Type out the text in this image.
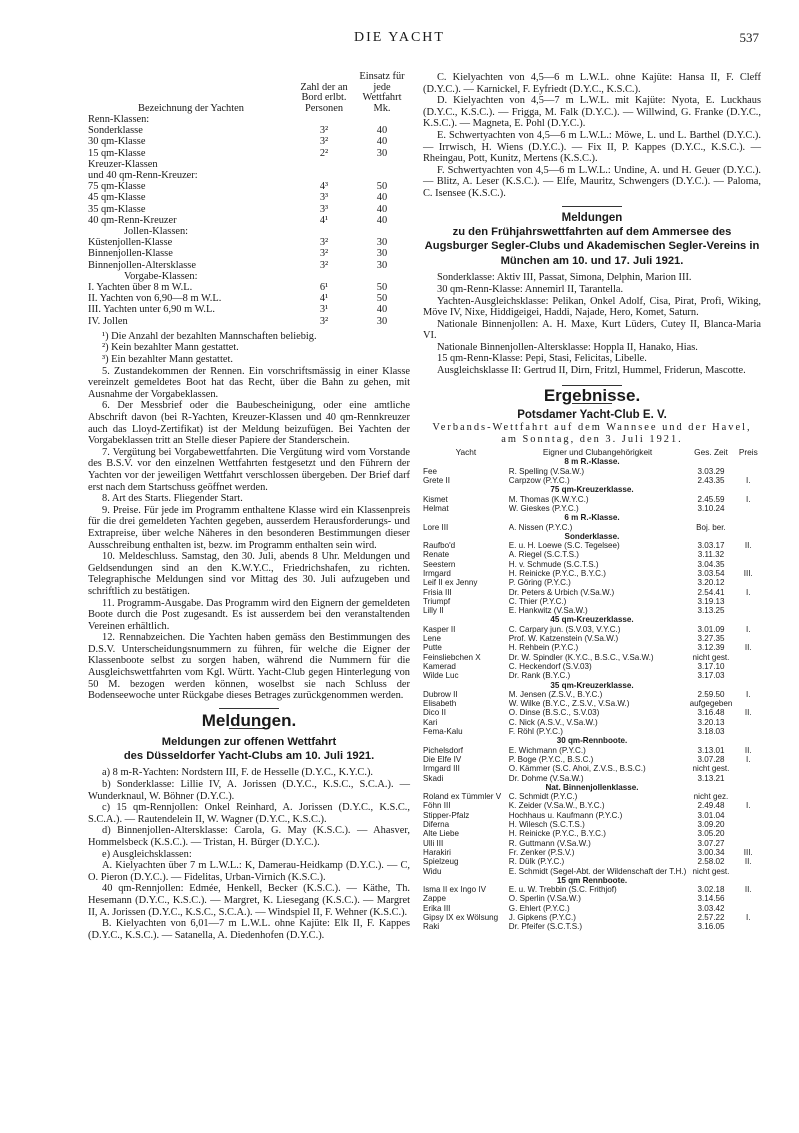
DIE YACHT	537
Bezeichnung der Yachten	Zahl der an Bord erlbt. Personen	Einsatz für jede Wettfahrt Mk.
Renn-Klassen:		
Sonderklasse	3²	40
30 qm-Klasse	3²	40
15 qm-Klasse	2²	30
Kreuzer-Klassen		
und 40 qm-Renn-Kreuzer:		
75 qm-Klasse	4³	50
45 qm-Klasse	3³	40
35 qm-Klasse	3³	40
40 qm-Renn-Kreuzer	4¹	40
Jollen-Klassen:		
Küstenjollen-Klasse	3²	30
Binnenjollen-Klasse	3²	30
Binnenjollen-Altersklasse	3²	30
Vorgabe-Klassen:		
I. Yachten über 8 m W.L.	6¹	50
II. Yachten von 6,90—8 m W.L.	4¹	50
III. Yachten unter 6,90 m W.L.	3¹	40
IV. Jollen	3²	30

¹) Die Anzahl der bezahlten Mannschaften beliebig.

²) Kein bezahlter Mann gestattet.

³) Ein bezahlter Mann gestattet.

5. Zustandekommen der Rennen. Ein vorschriftsmässig in einer Klasse vereinzelt gemeldetes Boot hat das Recht, über die Bahn zu gehen, mit Ausnahme der Vorgabeklassen.

6. Der Messbrief oder die Baubescheinigung, oder eine amtliche Abschrift davon (bei R-Yachten, Kreuzer-Klassen und 40 qm-Rennkreuzer auch das Lloyd-Zertifikat) ist der Meldung beizufügen. Bei Yachten der Vorgabeklassen tritt an Stelle dieser Papiere der Standerschein.

7. Vergütung bei Vorgabewettfahrten. Die Vergütung wird vom Vorstande des B.S.V. vor den einzelnen Wettfahrten festgesetzt und den Führern der Yachten vor der jeweiligen Wettfahrt verschlossen übergeben. Der Brief darf erst nach dem Startschuss geöffnet werden.

8. Art des Starts. Fliegender Start.

9. Preise. Für jede im Programm enthaltene Klasse wird ein Klassenpreis für die drei gemeldeten Yachten gegeben, ausserdem Herausforderungs- und Extrapreise, über welche Näheres in den besonderen Bestimmungen dieser Ausschreibung enthalten ist, bezw. im Programm enthalten sein wird.

10. Meldeschluss. Samstag, den 30. Juli, abends 8 Uhr. Meldungen und Geldsendungen sind an den K.W.Y.C., Friedrichshafen, zu richten. Telegraphische Meldungen sind vor Mittag des 30. Juli aufzugeben und schriftlich zu bestätigen.

11. Programm-Ausgabe. Das Programm wird den Eignern der gemeldeten Boote durch die Post zugesandt. Es ist ausserdem bei den veranstaltenden Vereinen erhältlich.

12. Rennabzeichen. Die Yachten haben gemäss den Bestimmungen des D.S.V. Unterscheidungsnummern zu führen, für welche die Eigner der Klassenboote selbst zu sorgen haben, während die Nummern für die Ausgleichswettfahrten vom Kgl. Württ. Yacht-Club gegen Hinterlegung von 50 M. bezogen werden können, woselbst sie nach Schluss der Bodenseewoche unter Rückgabe dieses Betrages zurückgenommen werden.

Meldungen.
Meldungen zur offenen Wettfahrt
des Düsseldorfer Yacht-Clubs am 10. Juli 1921.

a) 8 m-R-Yachten: Nordstern III, F. de Hesselle (D.Y.C., K.Y.C.).

b) Sonderklasse: Lillie IV, A. Jorissen (D.Y.C., K.S.C., S.C.A.). — Wunderknaul, W. Böhner (D.Y.C.).

c) 15 qm-Rennjollen: Onkel Reinhard, A. Jorissen (D.Y.C., K.S.C., S.C.A.). — Rautendelein II, W. Wagner (D.Y.C., K.S.C.).

d) Binnenjollen-Altersklasse: Carola, G. May (K.S.C.). — Ahasver, Hommelsbeck (K.S.C.). — Tristan, H. Bürger (D.Y.C.).

e) Ausgleichsklassen:

A. Kielyachten über 7 m L.W.L.: K, Damerau-Heidkamp (D.Y.C.). — C, O. Pieron (D.Y.C.). — Fidelitas, Urban-Virnich (K.S.C.).

40 qm-Rennjollen: Edmée, Henkell, Becker (K.S.C.). — Käthe, Th. Hesemann (D.Y.C., K.S.C.). — Margret, K. Liesegang (K.S.C.). — Margret II, A. Jorissen (D.Y.C., K.S.C., S.C.A.). — Windspiel II, F. Wehner (K.S.C.).

B. Kielyachten von 6,01—7 m L.W.L. ohne Kajüte: Elk II, F. Kappes (D.Y.C., K.S.C.). — Satanella, A. Diedenhofen (D.Y.C.).

C. Kielyachten von 4,5—6 m L.W.L. ohne Kajüte: Hansa II, F. Cleff (D.Y.C.). — Karnickel, F. Eyfriedt (D.Y.C., K.S.C.).

D. Kielyachten von 4,5—7 m L.W.L. mit Kajüte: Nyota, E. Luckhaus (D.Y.C., K.S.C.). — Frigga, M. Falk (D.Y.C.). — Willwind, G. Franke (D.Y.C., K.S.C.). — Magneta, E. Pohl (D.Y.C.).

E. Schwertyachten von 4,5—6 m L.W.L.: Möwe, L. und L. Barthel (D.Y.C.). — Irrwisch, H. Wiens (D.Y.C.). — Fix II, P. Kappes (D.Y.C., K.S.C.). — Rheingau, Pott, Kunitz, Mertens (K.S.C.).

F. Schwertyachten von 4,5—6 m L.W.L.: Undine, A. und H. Geuer (D.Y.C.). — Blitz, A. Leser (K.S.C.). — Elfe, Mauritz, Schwengers (D.Y.C.). — Paloma, C. Isensee (K.S.C.).

Meldungen
zu den Frühjahrswettfahrten auf dem Ammersee des Augsburger Segler-Clubs und Akademischen Segler-Vereins in München am 10. und 17. Juli 1921.

Sonderklasse: Aktiv III, Passat, Simona, Delphin, Marion III.

30 qm-Renn-Klasse: Annemirl II, Tarantella.

Yachten-Ausgleichsklasse: Pelikan, Onkel Adolf, Cisa, Pirat, Profi, Wiking, Möve IV, Nixe, Hiddigeigei, Haddi, Najade, Hero, Komet, Saturn.

Nationale Binnenjollen: A. H. Maxe, Kurt Lüders, Cutey II, Blanca-Maria VI.

Nationale Binnenjollen-Altersklasse: Hoppla II, Hanako, Hias.

15 qm-Renn-Klasse: Pepi, Stasi, Felicitas, Libelle.

Ausgleichsklasse II: Gertrud II, Dirn, Fritzl, Hummel, Friderun, Mascotte.

Ergebnisse.
Potsdamer Yacht-Club E. V.

Verbands-Wettfahrt auf dem Wannsee und der Havel, am Sonntag, den 3. Juli 1921.

Yacht	Eigner und Clubangehörigkeit	Ges. Zeit	Preis
8 m R.-Klasse.			
Fee	R. Spelling (V.Sa.W.)	3.03.29	
Grete II	Carpzow (P.Y.C.)	2.43.35	I.
75 qm-Kreuzerklasse.			
Kismet	M. Thomas (K.W.Y.C.)	2.45.59	I.
Helmat	W. Gieskes (P.Y.C.)	3.10.24	
6 m R.-Klasse.			
Lore III	A. Nissen (P.Y.C.)	Boj. ber.	
Sonderklasse.			
Raufbo'd	E. u. H. Loewe (S.C. Tegelsee)	3.03.17	II.
Renate	A. Riegel (S.C.T.S.)	3.11.32	
Seestern	H. v. Schmude (S.C.T.S.)	3.04.35	
Irmgard	H. Reinicke (P.Y.C., B.Y.C.)	3.03.54	III.
Leif II ex Jenny	P. Göring (P.Y.C.)	3.20.12	
Frisia III	Dr. Peters & Urbich (V.Sa.W.)	2.54.41	I.
Triumpf	C. Thier (P.Y.C.)	3.19.13	
Lilly II	E. Hankwitz (V.Sa.W.)	3.13.25	
45 qm-Kreuzerklasse.			
Kasper II	C. Carpary jun. (S.V.03, V.Y.C.)	3.01.09	I.
Lene	Prof. W. Katzenstein (V.Sa.W.)	3.27.35	
Putte	H. Rehbein (P.Y.C.)	3.12.39	II.
Feinsliebchen X	Dr. W. Spindler (K.Y.C., B.S.C., V.Sa.W.)	nicht gest.	
Kamerad	C. Heckendorf (S.V.03)	3.17.10	
Wilde Luc	Dr. Rank (B.Y.C.)	3.17.03	
35 qm-Kreuzerklasse.			
Dubrow II	M. Jensen (Z.S.V., B.Y.C.)	2.59.50	I.
Elisabeth	W. Wilke (B.Y.C., Z.S.V., V.Sa.W.)	aufgegeben	
Dico II	O. Dinse (B.S.C., S.V.03)	3.16.48	II.
Kari	C. Nick (A.S.V., V.Sa.W.)	3.20.13	
Fema-Kalu	F. Röhl (P.Y.C.)	3.18.03	
30 qm-Rennboote.			
Pichelsdorf	E. Wichmann (P.Y.C.)	3.13.01	II.
Die Elfe IV	P. Boge (P.Y.C., B.S.C.)	3.07.28	I.
Irmgard III	O. Kämmer (S.C. Ahoi, Z.V.S., B.S.C.)	nicht gest.	
Skadi	Dr. Dohme (V.Sa.W.)	3.13.21	
Nat. Binnenjollenklasse.			
Roland ex Tümmler V	C. Schmidt (P.Y.C.)	nicht gez.	
Föhn III	K. Zeider (V.Sa.W., B.Y.C.)	2.49.48	I.
Stipper-Pfalz	Hochhaus u. Kaufmann (P.Y.C.)	3.01.04	
Diferna	H. Wilesch (S.C.T.S.)	3.09.20	
Alte Liebe	H. Reinicke (P.Y.C., B.Y.C.)	3.05.20	
Ulli III	R. Guttmann (V.Sa.W.)	3.07.27	
Harakiri	Fr. Zenker (P.S.V.)	3.00.34	III.
Spielzeug	R. Dülk (P.Y.C.)	2.58.02	II.
Widu	E. Schmidt (Segel-Abt. der Wildenschaft der T.H.)	nicht gest.	
15 qm Rennboote.			
Isma II ex Ingo IV	E. u. W. Trebbin (S.C. Frithjof)	3.02.18	II.
Zappe	O. Sperlin (V.Sa.W.)	3.14.56	
Erika III	G. Ehlert (P.Y.C.)	3.03.42	
Gipsy IX ex Wölsung	J. Gipkens (P.Y.C.)	2.57.22	I.
Raki	Dr. Pfeifer (S.C.T.S.)	3.16.05	
